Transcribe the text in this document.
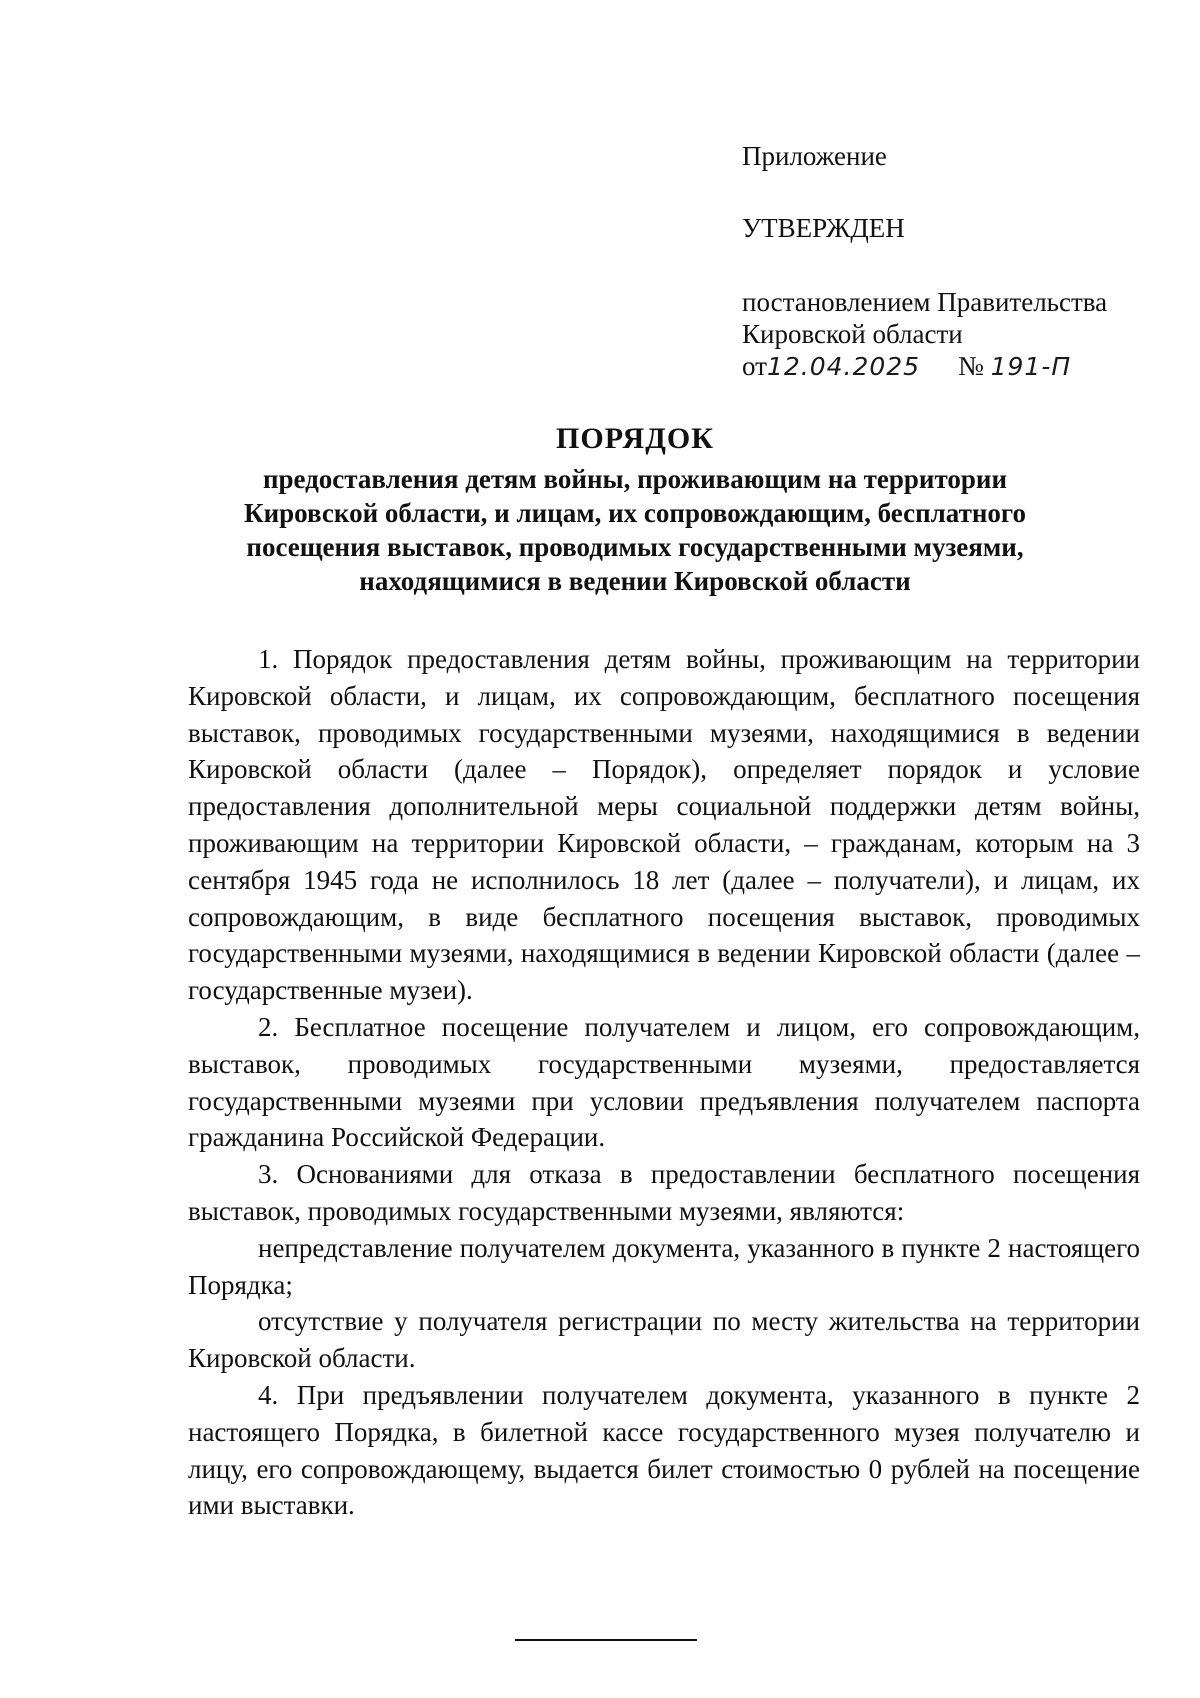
Приложение
УТВЕРЖДЕН
постановлением Правительства
Кировской области
от12.04.2025 № 191-П
ПОРЯДОК
предоставления детям войны, проживающим на территории Кировской области, и лицам, их сопровождающим, бесплатного посещения выставок, проводимых государственными музеями, находящимися в ведении Кировской области

1. Порядок предоставления детям войны, проживающим на территории Кировской области, и лицам, их сопровождающим, бесплатного посещения выставок, проводимых государственными музеями, находящимися в ведении Кировской области (далее – Порядок), определяет порядок и условие предоставления дополнительной меры социальной поддержки детям войны, проживающим на территории Кировской области, – гражданам, которым на 3 сентября 1945 года не исполнилось 18 лет (далее – получатели), и лицам, их сопровождающим, в виде бесплатного посещения выставок, проводимых государственными музеями, находящимися в ведении Кировской области (далее – государственные музеи).

2. Бесплатное посещение получателем и лицом, его сопровождающим, выставок, проводимых государственными музеями, предоставляется государственными музеями при условии предъявления получателем паспорта гражданина Российской Федерации.

3. Основаниями для отказа в предоставлении бесплатного посещения выставок, проводимых государственными музеями, являются:

непредставление получателем документа, указанного в пункте 2 настоящего Порядка;

отсутствие у получателя регистрации по месту жительства на территории Кировской области.

4. При предъявлении получателем документа, указанного в пункте 2 настоящего Порядка, в билетной кассе государственного музея получателю и лицу, его сопровождающему, выдается билет стоимостью 0 рублей на посещение ими выставки.
